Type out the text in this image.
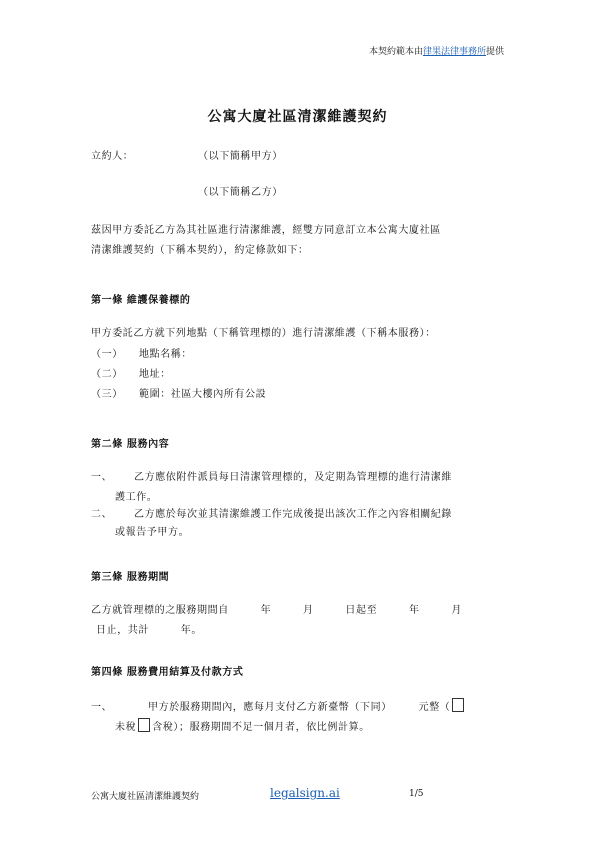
本契約範本由律果法律事務所提供
公寓大廈社區清潔維護契約
立約人：	（以下簡稱甲方）
（以下簡稱乙方）
茲因甲方委託乙方為其社區進行清潔維護，經雙方同意訂立本公寓大廈社區
清潔維護契約（下稱本契約），約定條款如下：
第一條 維護保養標的
甲方委託乙方就下列地點（下稱管理標的）進行清潔維護（下稱本服務）：
（一） 地點名稱：
（二） 地址：
（三） 範圍：社區大樓內所有公設
第二條 服務內容
一、 乙方應依附件派員每日清潔管理標的，及定期為管理標的進行清潔維
護工作。
二、 乙方應於每次並其清潔維護工作完成後提出該次工作之內容相關紀錄
或報告予甲方。
第三條 服務期間
乙方就管理標的之服務期間自　　　年　　　月　　　日起至　　　年　　　月
日止，共計　　　年。
第四條 服務費用結算及付款方式
一、	甲方於服務期間內，應每月支付乙方新臺幣（下同）　　　元整（
未稅 含稅）；服務期間不足一個月者，依比例計算。
公寓大廈社區清潔維護契約	legalsign.ai	1/5
